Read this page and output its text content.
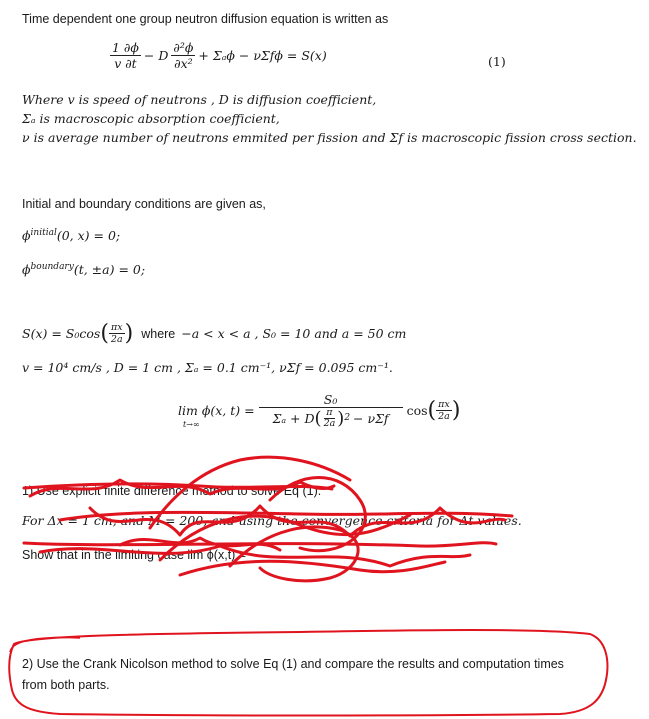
Time dependent one group neutron diffusion equation is written as
$\frac{1 \partial\phi}{v \partial t} - D \frac{\text{∂²ϕ}}{\text{∂x²}} + \Sigma_a\phi$ − νΣ𝑓ϕ = S(x)	(1)
Where v is speed of neutrons , D is diffusion coefficient,
Σₐ is macroscopic absorption coefficient,
ν is average number of neutrons emmited per fission and Σ𝑓 is macroscopic fission cross section.
Initial and boundary conditions are given as,
$\phi^{initial}(0$, x) = 0;
$\phi^{boundary}(t$, ±a) = 0;
S(x) = S₀cos ( $\frac{\pi x}{2a}$ ) where −a < x < a , S₀ = 10 and a = 50 cm
v = 10⁴ cm/s , D = 1 cm , Σₐ = 0.1 cm⁻¹, νΣ𝑓 = 0.095 cm⁻¹.
lim ϕ(x, t) =
S₀
Σₐ + D ( $\frac{\pi}{2a}$ ) 2 − νΣ𝑓
cos ( $\frac{\pi x}{2a}$ )
t→∞
1) Use explicit finite difference method to solve Eq (1).
For Δx = 1 cm, and M = 200, and using the convergence criteria for Δt values.
Show that in the limiting case lim ϕ(x,t) =
2) Use the Crank Nicolson method to solve Eq (1) and compare the results and computation times
from both parts.
